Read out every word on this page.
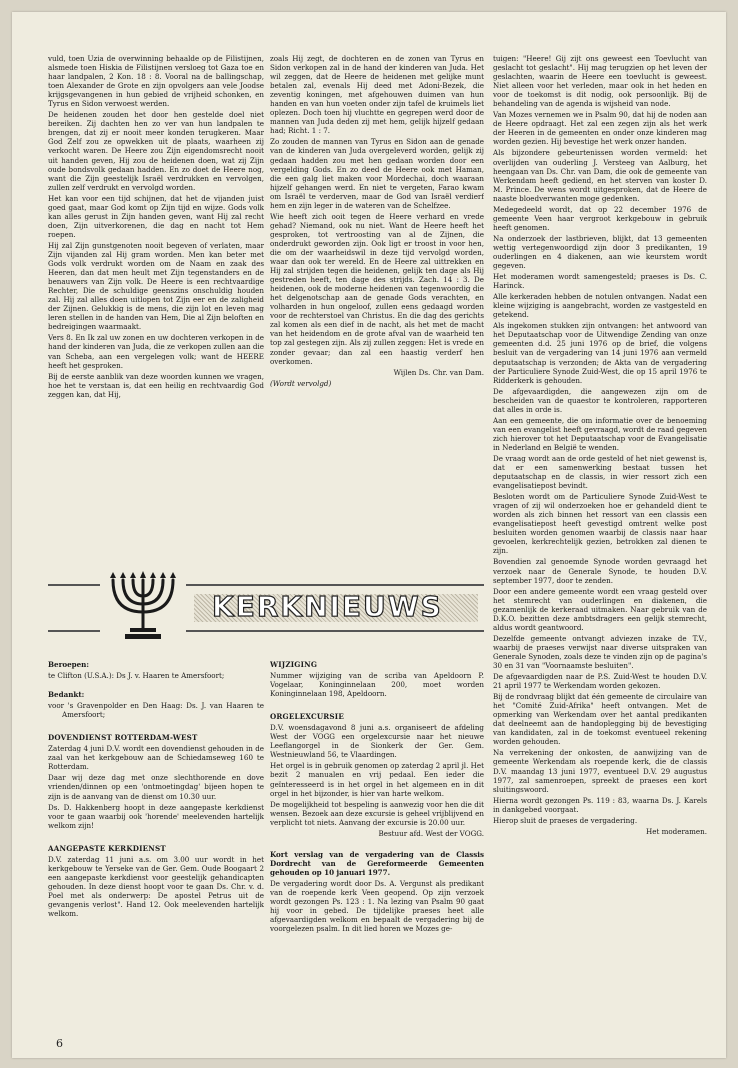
vuld, toen Uzia de overwinning behaalde op de Filistijnen, alsmede toen Hiskia de Filistijnen versloeg tot Gaza toe en haar landpalen, 2 Kon. 18 : 8. Vooral na de ballingschap, toen Alexander de Grote en zijn opvolgers aan vele Joodse krijgsgevangenen in hun gebied de vrijheid schonken, en Tyrus en Sidon verwoest werden.

De heidenen zouden het door hen gestelde doel niet bereiken. Zij dachten hen zo ver van hun landpalen te brengen, dat zij er nooit meer konden terugkeren. Maar God Zelf zou ze opwekken uit de plaats, waarheen zij verkocht waren. De Heere zou Zijn eigendomsrecht nooit uit handen geven, Hij zou de heidenen doen, wat zij Zijn oude bondsvolk gedaan hadden. En zo doet de Heere nog, want die Zijn geestelijk Israël verdrukken en vervolgen, zullen zelf verdrukt en vervolgd worden.

Het kan voor een tijd schijnen, dat het de vijanden juist goed gaat, maar God komt op Zijn tijd en wijze. Gods volk kan alles gerust in Zijn handen geven, want Hij zal recht doen, Zijn uitverkorenen, die dag en nacht tot Hem roepen.

Hij zal Zijn gunstgenoten nooit begeven of verlaten, maar Zijn vijanden zal Hij gram worden. Men kan beter met Gods volk verdrukt worden om de Naam en zaak des Heeren, dan dat men heult met Zijn tegenstanders en de benauwers van Zijn volk. De Heere is een rechtvaardige Rechter, Die de schuldige geenszins onschuldig houden zal. Hij zal alles doen uitlopen tot Zijn eer en de zaligheid der Zijnen. Gelukkig is de mens, die zijn lot en leven mag leren stellen in de handen van Hem, Die al Zijn beloften en bedreigingen waarmaakt.

Vers 8. En Ik zal uw zonen en uw dochteren verkopen in de hand der kinderen van Juda, die ze verkopen zullen aan die van Scheba, aan een vergelegen volk; want de HEERE heeft het gesproken.

Bij de eerste aanblik van deze woorden kunnen we vragen, hoe het te verstaan is, dat een heilig en rechtvaardig God zeggen kan, dat Hij,

zoals Hij zegt, de dochteren en de zonen van Tyrus en Sidon verkopen zal in de hand der kinderen van Juda. Het wil zeggen, dat de Heere de heidenen met gelijke munt betalen zal, evenals Hij deed met Adoni-Bezek, die zeventig koningen, met afgehouwen duimen van hun handen en van hun voeten onder zijn tafel de kruimels liet oplezen. Doch toen hij vluchtte en gegrepen werd door de mannen van Juda deden zij met hem, gelijk hijzelf gedaan had; Richt. 1 : 7.

Zo zouden de mannen van Tyrus en Sidon aan de genade van de kinderen van Juda overgeleverd worden, gelijk zij gedaan hadden zou met hen gedaan worden door een vergelding Gods. En zo deed de Heere ook met Haman, die een galg liet maken voor Mordechai, doch waaraan hijzelf gehangen werd. En niet te vergeten, Farao kwam om Israël te verderven, maar de God van Israël verdierf hem en zijn leger in de wateren van de Schelfzee.

Wie heeft zich ooit tegen de Heere verhard en vrede gehad? Niemand, ook nu niet. Want de Heere heeft het gesproken, tot vertroosting van al de Zijnen, die onderdrukt geworden zijn. Ook ligt er troost in voor hen, die om der waarheidswil in deze tijd vervolgd worden, waar dan ook ter wereld. En de Heere zal uittrekken en Hij zal strijden tegen die heidenen, gelijk ten dage als Hij gestreden heeft, ten dage des strijds. Zach. 14 : 3. De heidenen, ook de moderne heidenen van tegenwoordig die het delgenotschap aan de genade Gods verachten, en volharden in hun ongeloof, zullen eens gedaagd worden voor de rechterstoel van Christus. En die dag des gerichts zal komen als een dief in de nacht, als het met de macht van het heidendom en de grote afval van de waarheid ten top zal gestegen zijn. Als zij zullen zeggen: Het is vrede en zonder gevaar; dan zal een haastig verderf hen overkomen.

Wijlen Ds. Chr. van Dam.

(Wordt vervolgd)

KERKNIEUWS

Beroepen:

te Clifton (U.S.A.): Ds J. v. Haaren te Amersfoort;

Bedankt:

voor 's Gravenpolder en Den Haag: Ds. J. van Haaren te Amersfoort;

DOVENDIENST ROTTERDAM-WEST

Zaterdag 4 juni D.V. wordt een dovendienst gehouden in de zaal van het kerkgebouw aan de Schiedamseweg 160 te Rotterdam.

Daar wij deze dag met onze slechthorende en dove vrienden/dinnen op een 'ontmoetingdag' bijeen hopen te zijn is de aanvang van de dienst om 10.30 uur.

Ds. D. Hakkenberg hoopt in deze aangepaste kerkdienst voor te gaan waarbij ook 'horende' meelevenden hartelijk welkom zijn!

AANGEPASTE KERKDIENST

D.V. zaterdag 11 juni a.s. om 3.00 uur wordt in het kerkgebouw te Yerseke van de Ger. Gem. Oude Boogaart 2 een aangepaste kerkdienst voor geestelijk gehandicapten gehouden. In deze dienst hoopt voor te gaan Ds. Chr. v. d. Poel met als onderwerp: De apostel Petrus uit de gevangenis verlost". Hand 12. Ook meelevenden hartelijk welkom.

WIJZIGING

Nummer wijziging van de scriba van Apeldoorn P. Vogelaar, Koninginnelaan 200, moet worden Koninginnelaan 198, Apeldoorn.

ORGELEXCURSIE

D.V. woensdagavond 8 juni a.s. organiseert de afdeling West der VOGG een orgelexcursie naar het nieuwe Leeflangorgel in de Sionkerk der Ger. Gem. Westnieuwland 56, te Vlaardingen.

Het orgel is in gebruik genomen op zaterdag 2 april jl. Het bezit 2 manualen en vrij pedaal. Een ieder die geïnteresseerd is in het orgel in het algemeen en in dit orgel in het bijzonder, is hier van harte welkom.

De mogelijkheid tot bespeling is aanwezig voor hen die dit wensen. Bezoek aan deze excursie is geheel vrijblijvend en verplicht tot niets. Aanvang der excursie is 20.00 uur.

Bestuur afd. West der VOGG.

Kort verslag van de vergadering van de Classis Dordrecht van de Gereformeerde Gemeenten gehouden op 10 januari 1977.

De vergadering wordt door Ds. A. Vergunst als predikant van de roepende kerk Veen geopend. Op zijn verzoek wordt gezongen Ps. 123 : 1. Na lezing van Psalm 90 gaat hij voor in gebed. De tijdelijke praeses heet alle afgevaardigden welkom en bepaalt de vergadering bij de voorgelezen psalm. In dit lied horen we Mozes ge-

tuigen: "Heere! Gij zijt ons geweest een Toevlucht van geslacht tot geslacht". Hij mag terugzien op het leven der geslachten, waarin de Heere een toevlucht is geweest. Niet alleen voor het verleden, maar ook in het heden en voor de toekomst is dit nodig, ook persoonlijk. Bij de behandeling van de agenda is wijsheid van node.

Van Mozes vernemen we in Psalm 90, dat hij de noden aan de Heere opdraagt. Het zal een zegen zijn als het werk der Heeren in de gemeenten en onder onze kinderen mag worden gezien. Hij bevestige het werk onzer handen.

Als bijzondere gebeurtenissen worden vermeld: het overlijden van ouderling J. Versteeg van Aalburg, het heengaan van Ds. Chr. van Dam, die ook de gemeente van Werkendam heeft gediend, en het sterven van koster D. M. Prince. De wens wordt uitgesproken, dat de Heere de naaste bloedverwanten moge gedenken.

Medegedeeld wordt, dat op 22 december 1976 de gemeente Veen haar vergroot kerkgebouw in gebruik heeft genomen.

Na onderzoek der lastbrieven, blijkt, dat 13 gemeenten wettig vertegenwoordigd zijn door 3 predikanten, 19 ouderlingen en 4 diakenen, aan wie keurstem wordt gegeven.

Het moderamen wordt samengesteld; praeses is Ds. C. Harinck.

Alle kerkeraden hebben de notulen ontvangen. Nadat een kleine wijziging is aangebracht, worden ze vastgesteld en getekend.

Als ingekomen stukken zijn ontvangen: het antwoord van het Deputaatschap voor de Uitwendige Zending van onze gemeenten d.d. 25 juni 1976 op de brief, die volgens besluit van de vergadering van 14 juni 1976 aan vermeld deputaatschap is verzonden; de Akta van de vergadering der Particuliere Synode Zuid-West, die op 15 april 1976 te Ridderkerk is gehouden.

De afgevaardigden, die aangewezen zijn om de bescheiden van de quaestor te kontroleren, rapporteren dat alles in orde is.

Aan een gemeente, die om informatie over de benoeming van een evangelist heeft gevraagd, wordt de raad gegeven zich hierover tot het Deputaatschap voor de Evangelisatie in Nederland en België te wenden.

De vraag wordt aan de orde gesteld of het niet gewenst is, dat er een samenwerking bestaat tussen het deputaatschap en de classis, in wier ressort zich een evangelisatiepost bevindt.

Besloten wordt om de Particuliere Synode Zuid-West te vragen of zij wil onderzoeken hoe er gehandeld dient te worden als zich binnen het ressort van een classis een evangelisatiepost heeft gevestigd omtrent welke post besluiten worden genomen waarbij de classis naar haar gevoelen, kerkrechtelijk gezien, betrokken zal dienen te zijn.

Bovendien zal genoemde Synode worden gevraagd het verzoek naar de Generale Synode, te houden D.V. september 1977, door te zenden.

Door een andere gemeente wordt een vraag gesteld over het stemrecht van ouderlingen en diakenen, die gezamenlijk de kerkeraad uitmaken. Naar gebruik van de D.K.O. bezitten deze ambtsdragers een gelijk stemrecht, aldus wordt geantwoord.

Dezelfde gemeente ontvangt adviezen inzake de T.V., waarbij de praeses verwijst naar diverse uitspraken van Generale Synoden, zoals deze te vinden zijn op de pagina's 30 en 31 van "Voornaamste besluiten".

De afgevaardigden naar de P.S. Zuid-West te houden D.V. 21 april 1977 te Werkendam worden gekozen.

Bij de rondvraag blijkt dat één gemeente de circulaire van het "Comité Zuid-Afrika" heeft ontvangen. Met de opmerking van Werkendam over het aantal predikanten dat deelneemt aan de handoplegging bij de bevestiging van kandidaten, zal in de toekomst eventueel rekening worden gehouden.

Na verrekening der onkosten, de aanwijzing van de gemeente Werkendam als roepende kerk, die de classis D.V. maandag 13 juni 1977, eventueel D.V. 29 augustus 1977, zal samenroepen, spreekt de praeses een kort sluitingswoord.

Hierna wordt gezongen Ps. 119 : 83, waarna Ds. J. Karels in dankgebed voorgaat.

Hierop sluit de praeses de vergadering.

Het moderamen.

6
